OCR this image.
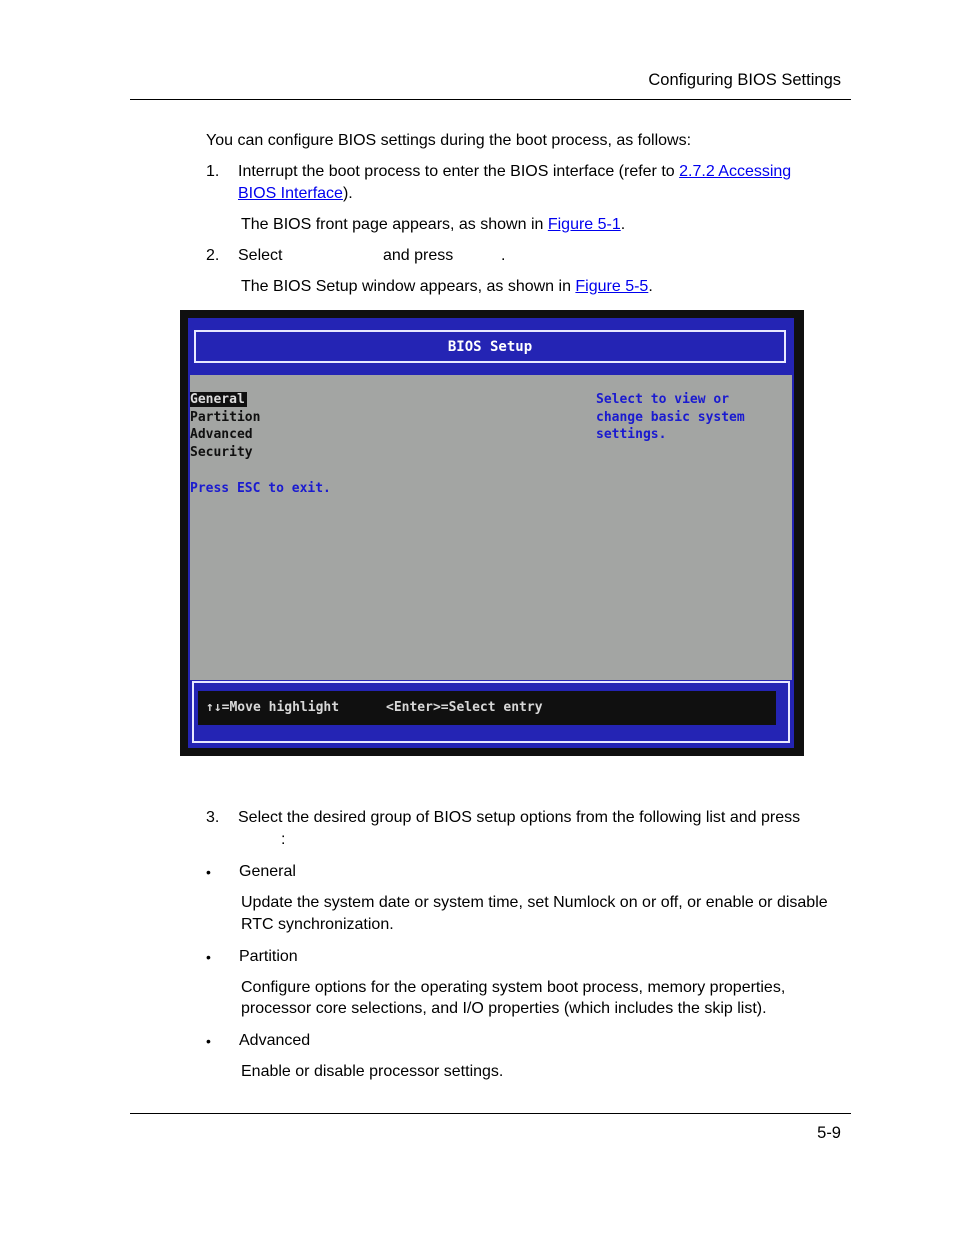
Configuring BIOS Settings
You can configure BIOS settings during the boot process, as follows:
1. Interrupt the boot process to enter the BIOS interface (refer to 2.7.2 Accessing
BIOS Interface).
The BIOS front page appears, as shown in Figure 5-1.
2. Select	and press	.
The BIOS Setup window appears, as shown in Figure 5-5.
BIOS Setup
General
Partition
Advanced
Security
Press ESC to exit.
Select to view or
change basic system
settings.
↑↓=Move highlight	<Enter>=Select entry
3. Select the desired group of BIOS setup options from the following list and press
:
• General
Update the system date or system time, set Numlock on or off, or enable or disable
RTC synchronization.
• Partition
Configure options for the operating system boot process, memory properties,
processor core selections, and I/O properties (which includes the skip list).
• Advanced
Enable or disable processor settings.
5-9
